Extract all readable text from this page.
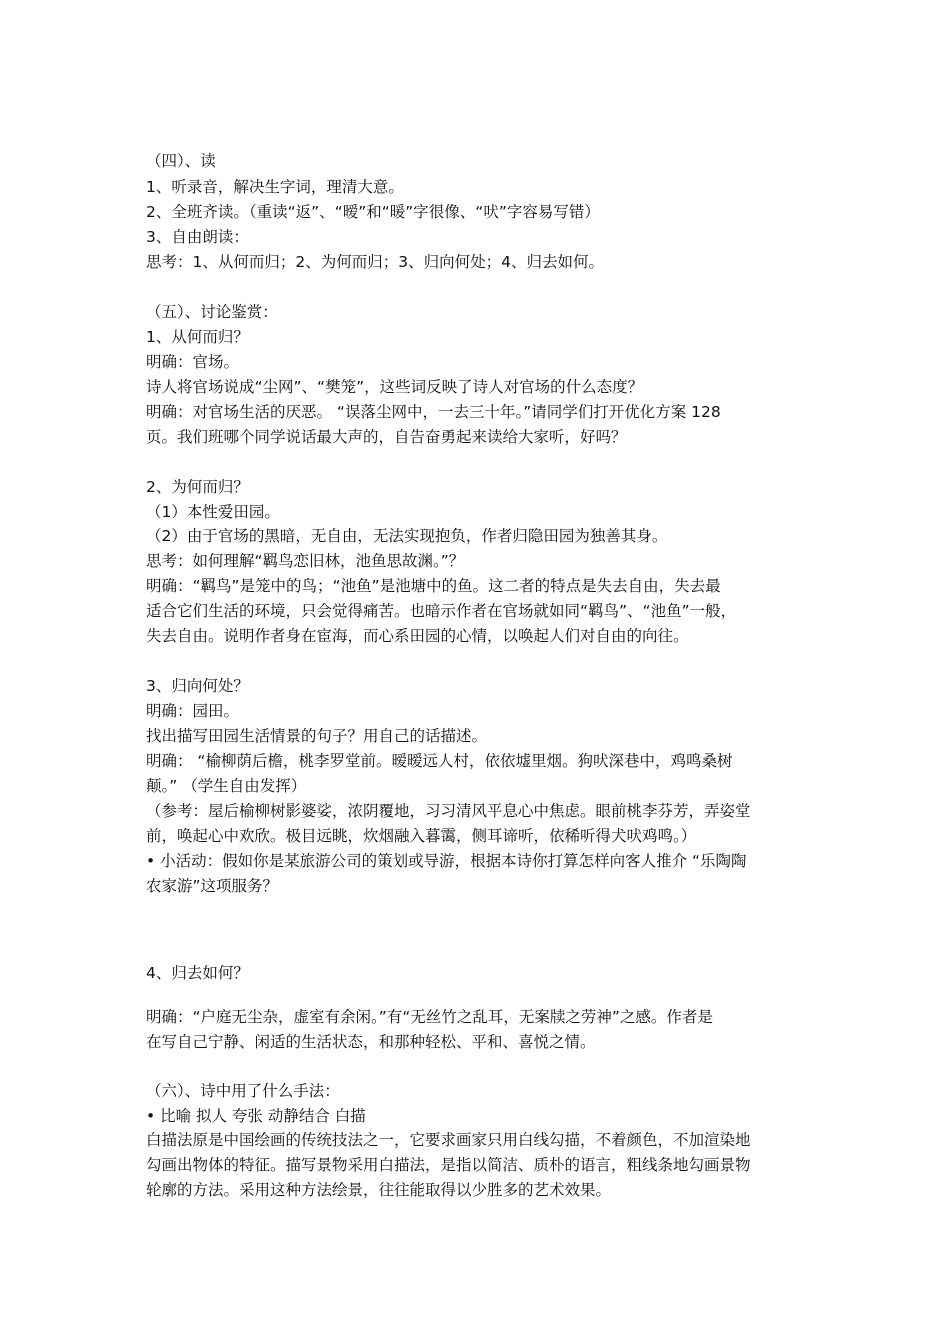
（四）、读
1、听录音，解决生字词，理清大意。
2、全班齐读。（重读“返”、“暧”和“暖”字很像、“吠”字容易写错）
3、自由朗读：
思考：1、从何而归；2、为何而归；3、归向何处；4、归去如何。
（五）、讨论鉴赏：
1、从何而归？
明确：官场。
诗人将官场说成“尘网”、“樊笼”，这些词反映了诗人对官场的什么态度？
明确：对官场生活的厌恶。 “误落尘网中，一去三十年。”请同学们打开优化方案 128
页。我们班哪个同学说话最大声的，自告奋勇起来读给大家听，好吗？
2、为何而归？
（1）本性爱田园。
（2）由于官场的黑暗，无自由，无法实现抱负，作者归隐田园为独善其身。
思考：如何理解“羁鸟恋旧林，池鱼思故渊。”？
明确：“羁鸟”是笼中的鸟；“池鱼”是池塘中的鱼。这二者的特点是失去自由，失去最
适合它们生活的环境，只会觉得痛苦。也暗示作者在官场就如同“羁鸟”、“池鱼”一般，
失去自由。说明作者身在宦海，而心系田园的心情，以唤起人们对自由的向往。
3、归向何处？
明确：园田。
找出描写田园生活情景的句子？用自己的话描述。
明确： “榆柳荫后檐，桃李罗堂前。暧暧远人村，依依墟里烟。狗吠深巷中，鸡鸣桑树
颠。” （学生自由发挥）
（参考：屋后榆柳树影婆娑，浓阴覆地，习习清风平息心中焦虑。眼前桃李芬芳，弄姿堂
前，唤起心中欢欣。极目远眺，炊烟融入暮霭，侧耳谛听，依稀听得犬吠鸡鸣。）
• 小活动：假如你是某旅游公司的策划或导游，根据本诗你打算怎样向客人推介 “乐陶陶
农家游”这项服务？
4、归去如何？
明确：“户庭无尘杂，虚室有余闲。”有“无丝竹之乱耳，无案牍之劳神”之感。作者是
在写自己宁静、闲适的生活状态，和那种轻松、平和、喜悦之情。
（六）、诗中用了什么手法：
• 比喻 拟人 夸张 动静结合 白描
白描法原是中国绘画的传统技法之一，它要求画家只用白线勾描，不着颜色，不加渲染地
勾画出物体的特征。描写景物采用白描法，是指以简洁、质朴的语言，粗线条地勾画景物
轮廓的方法。采用这种方法绘景，往往能取得以少胜多的艺术效果。
